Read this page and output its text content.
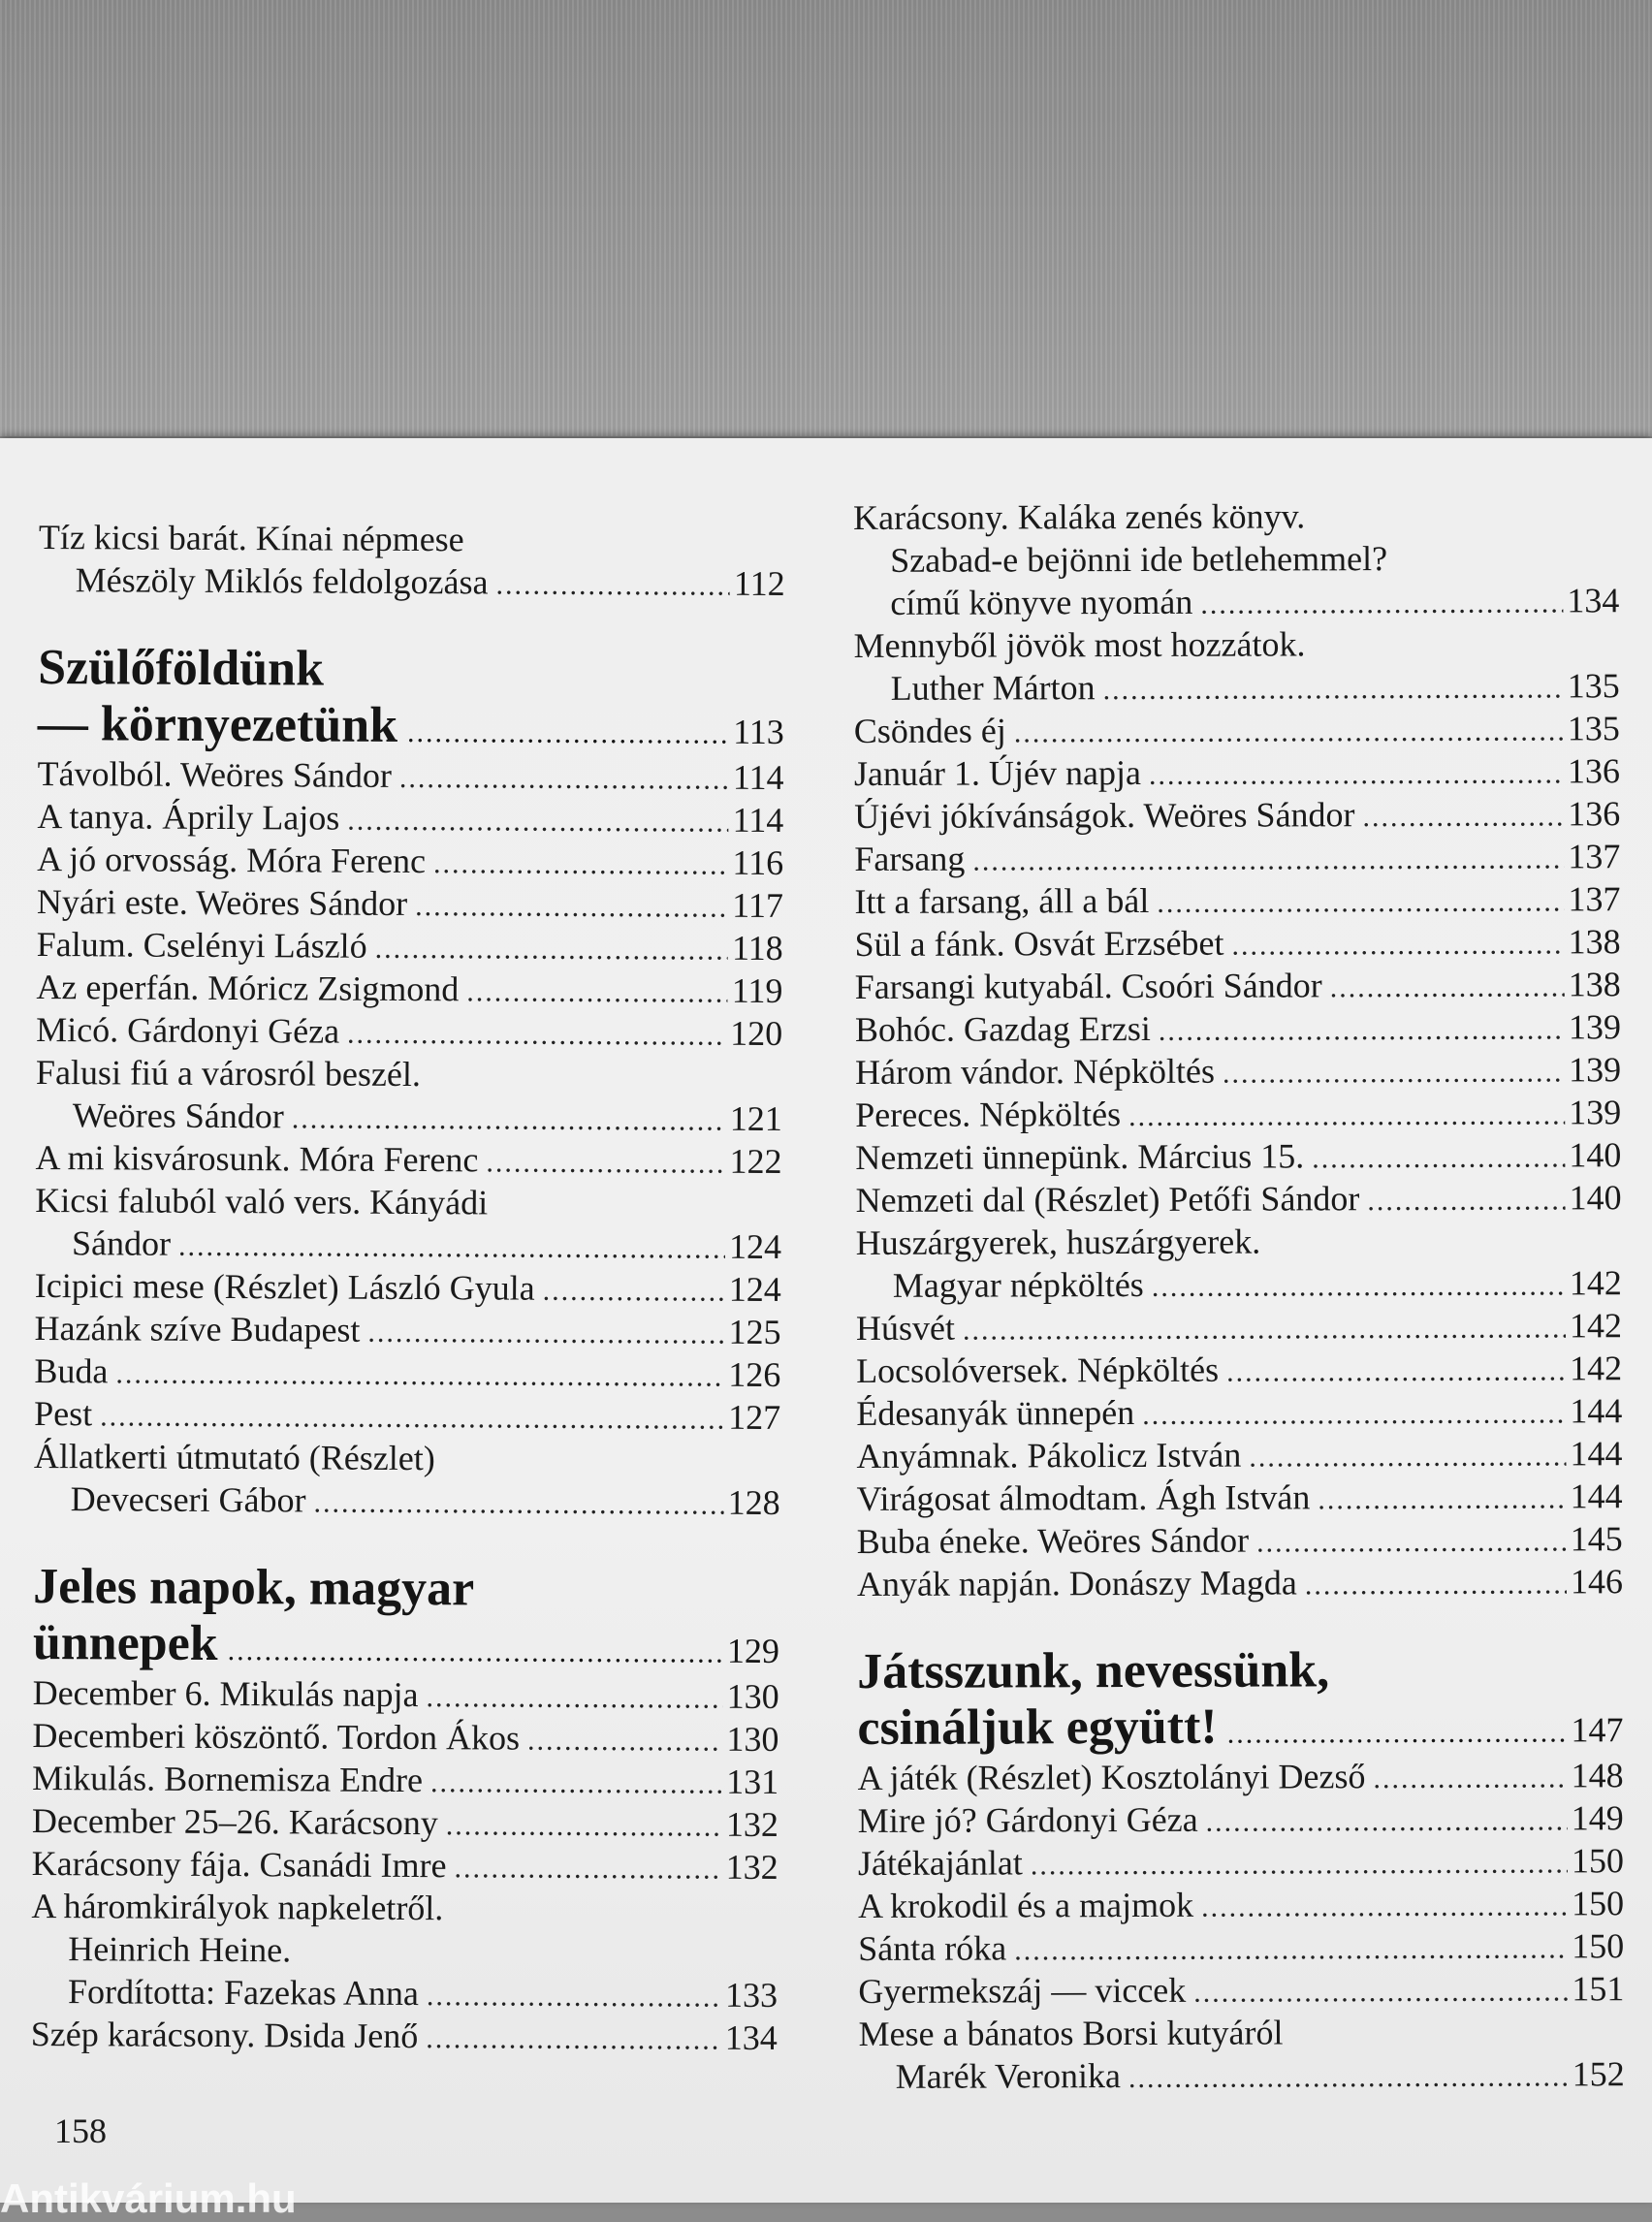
Tíz kicsi barát. Kínai népmese
Mészöly Miklós feldolgozása .....	112
Szülőföldünk
— környezetünk .....	113
Távolból. Weöres Sándor .....	114
A tanya. Áprily Lajos .....	114
A jó orvosság. Móra Ferenc .....	116
Nyári este. Weöres Sándor .....	117
Falum. Cselényi László .....	118
Az eperfán. Móricz Zsigmond .....	119
Micó. Gárdonyi Géza .....	120
Falusi fiú a városról beszél.
Weöres Sándor .....	121
A mi kisvárosunk. Móra Ferenc .....	122
Kicsi faluból való vers. Kányádi
Sándor .....	124
Icipici mese (Részlet) László Gyula .....	124
Hazánk szíve Budapest .....	125
Buda .....	126
Pest .....	127
Állatkerti útmutató (Részlet)
Devecseri Gábor .....	128
Jeles napok, magyar
ünnepek .....	129
December 6. Mikulás napja .....	130
Decemberi köszöntő. Tordon Ákos .....	130
Mikulás. Bornemisza Endre .....	131
December 25–26. Karácsony .....	132
Karácsony fája. Csanádi Imre .....	132
A háromkirályok napkeletről.
Heinrich Heine.
Fordította: Fazekas Anna .....	133
Szép karácsony. Dsida Jenő .....	134
Karácsony. Kaláka zenés könyv.
Szabad-e bejönni ide betlehemmel?
című könyve nyomán .....	134
Mennyből jövök most hozzátok.
Luther Márton .....	135
Csöndes éj .....	135
Január 1. Újév napja .....	136
Újévi jókívánságok. Weöres Sándor .....	136
Farsang .....	137
Itt a farsang, áll a bál .....	137
Sül a fánk. Osvát Erzsébet .....	138
Farsangi kutyabál. Csoóri Sándor .....	138
Bohóc. Gazdag Erzsi .....	139
Három vándor. Népköltés .....	139
Pereces. Népköltés .....	139
Nemzeti ünnepünk. Március 15. .....	140
Nemzeti dal (Részlet) Petőfi Sándor .....	140
Huszárgyerek, huszárgyerek.
Magyar népköltés .....	142
Húsvét .....	142
Locsolóversek. Népköltés .....	142
Édesanyák ünnepén .....	144
Anyámnak. Pákolicz István .....	144
Virágosat álmodtam. Ágh István .....	144
Buba éneke. Weöres Sándor .....	145
Anyák napján. Donászy Magda .....	146
Játsszunk, nevessünk,
csináljuk együtt! .....	147
A játék (Részlet) Kosztolányi Dezső .....	148
Mire jó? Gárdonyi Géza .....	149
Játékajánlat .....	150
A krokodil és a majmok .....	150
Sánta róka .....	150
Gyermekszáj — viccek .....	151
Mese a bánatos Borsi kutyáról
Marék Veronika .....	152
158
Antikvárium.hu
